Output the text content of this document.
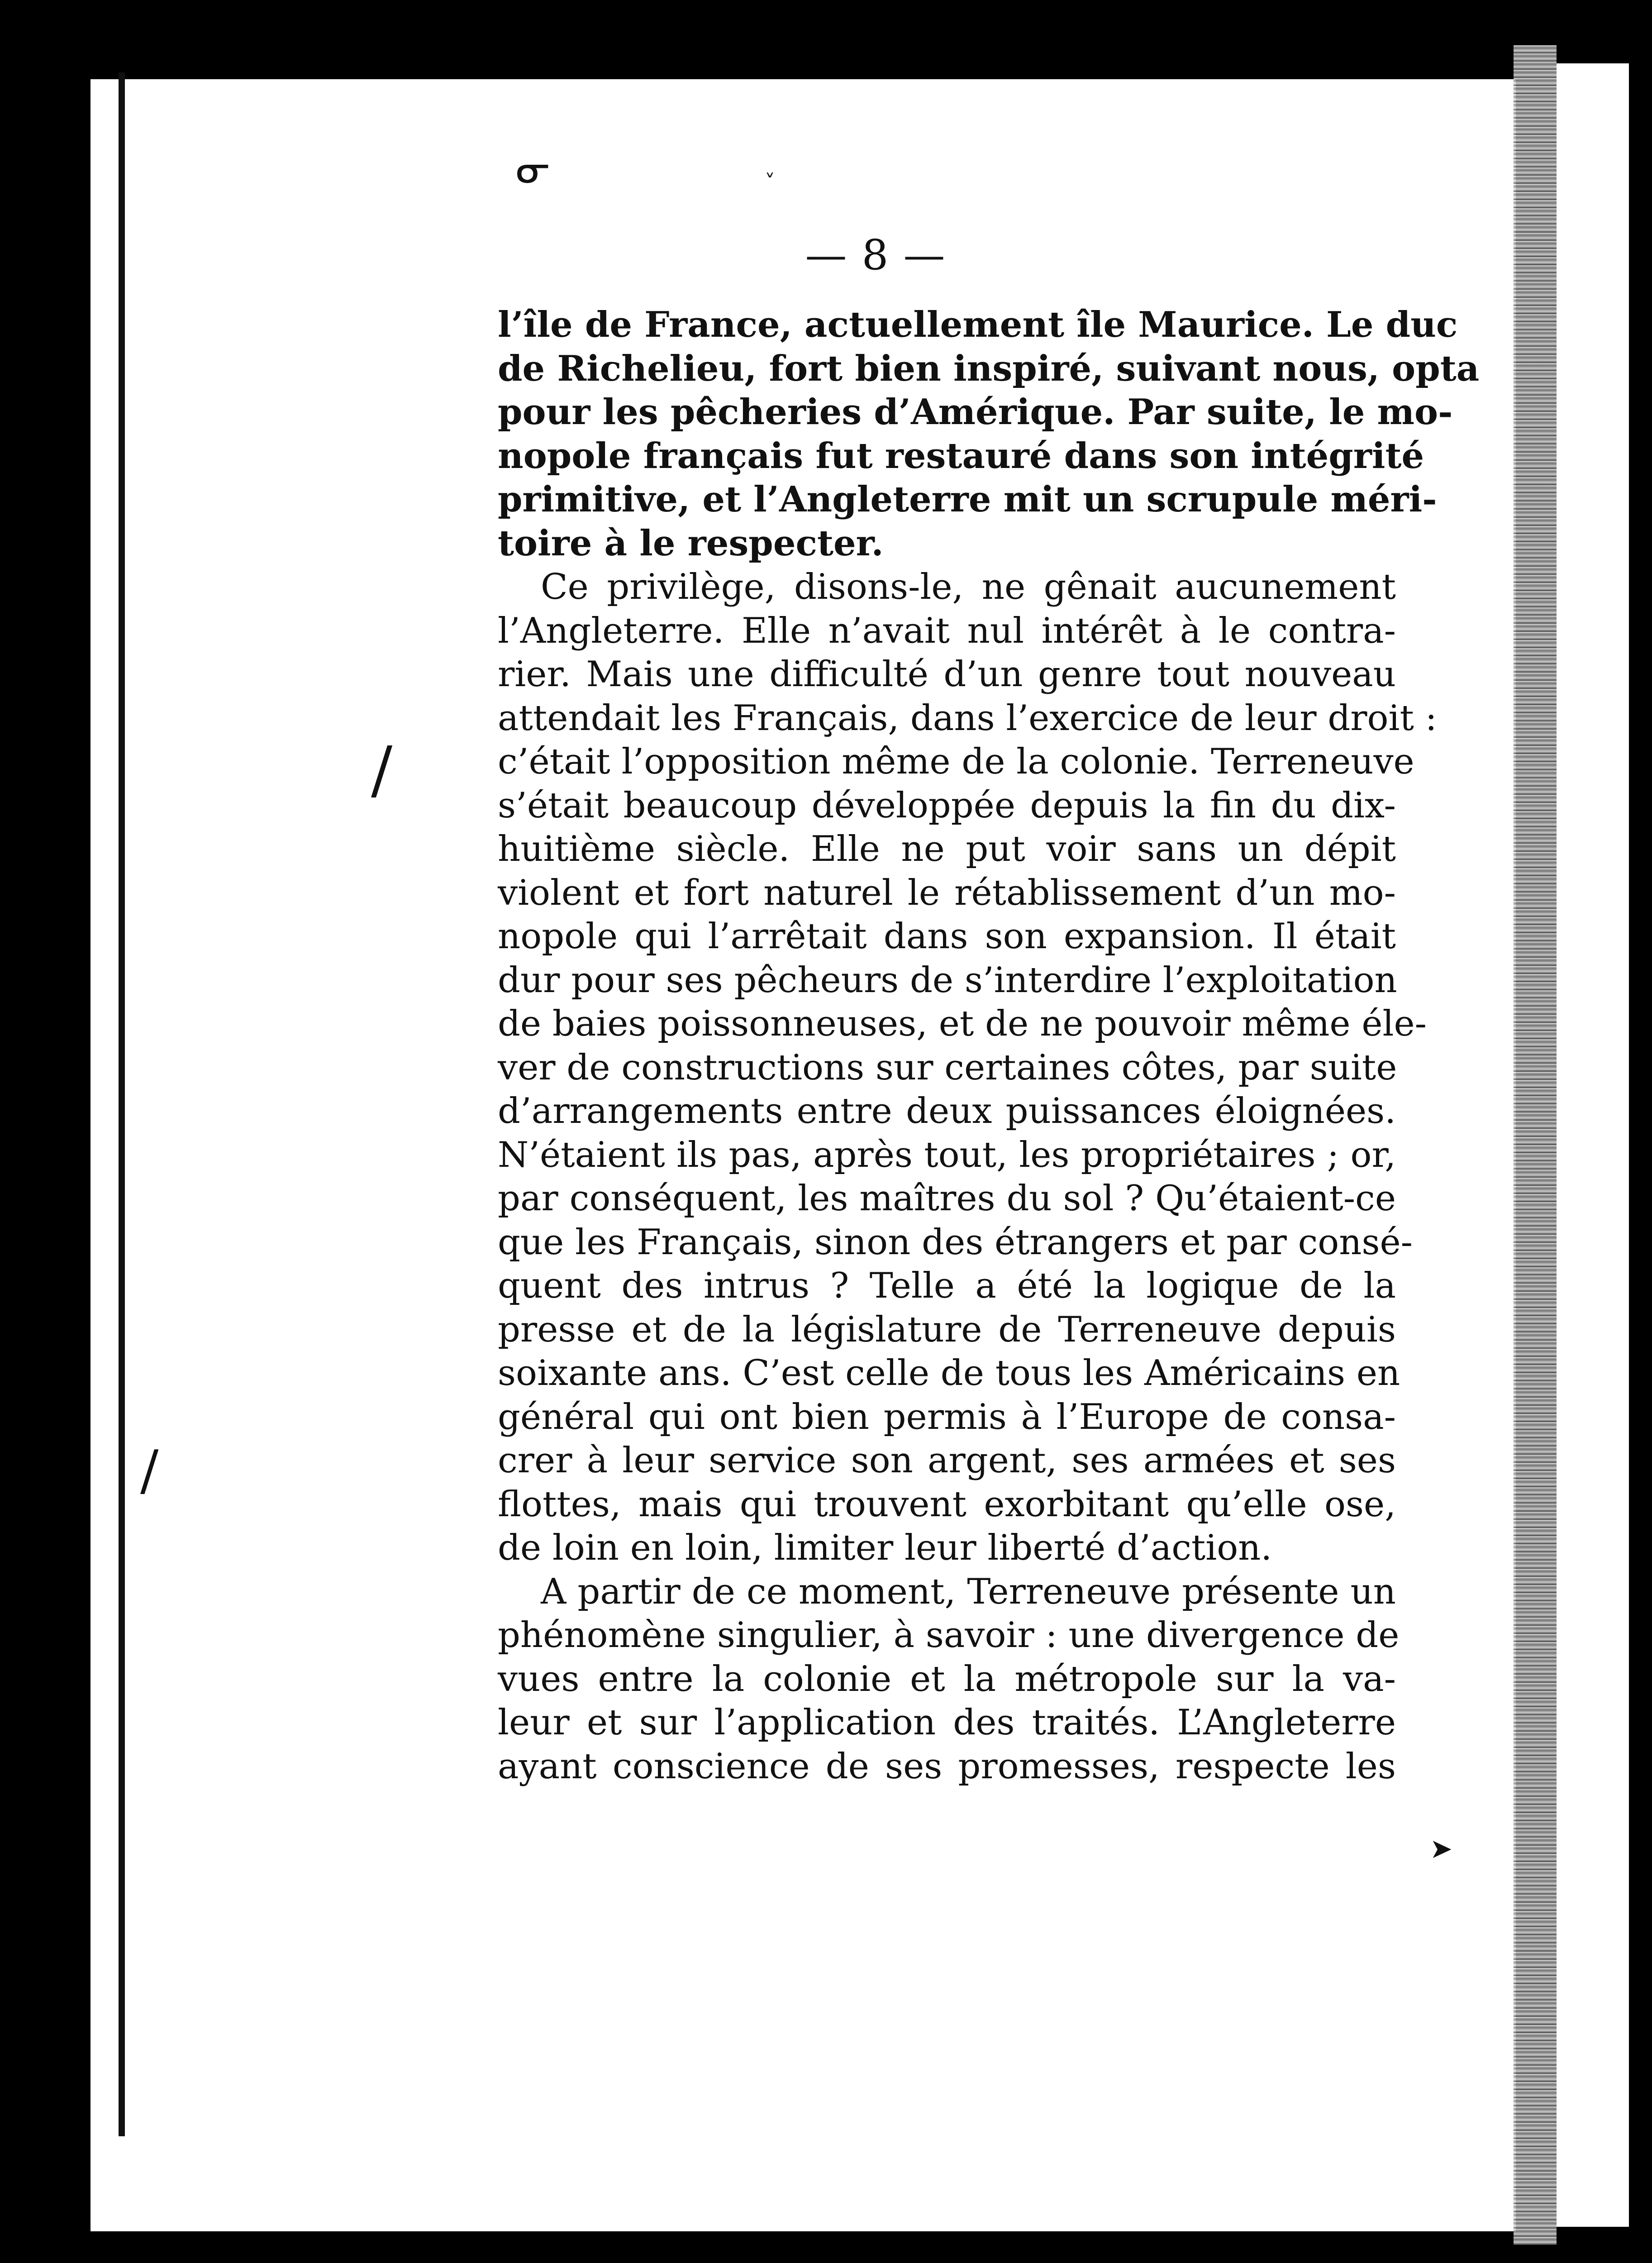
ᓂ	˅
/
/
➤
— 8 —
l’île de France, actuellement île Maurice. Le duc
de Richelieu, fort bien inspiré, suivant nous, opta
pour les pêcheries d’Amérique. Par suite, le mo-
nopole français fut restauré dans son intégrité
primitive, et l’Angleterre mit un scrupule méri-
toire à le respecter.
Ce privilège, disons-le, ne gênait aucunement
l’Angleterre. Elle n’avait nul intérêt à le contra-
rier. Mais une difficulté d’un genre tout nouveau
attendait les Français, dans l’exercice de leur droit :
c’était l’opposition même de la colonie. Terreneuve
s’était beaucoup développée depuis la fin du dix-
huitième siècle. Elle ne put voir sans un dépit
violent et fort naturel le rétablissement d’un mo-
nopole qui l’arrêtait dans son expansion. Il était
dur pour ses pêcheurs de s’interdire l’exploitation
de baies poissonneuses, et de ne pouvoir même éle-
ver de constructions sur certaines côtes, par suite
d’arrangements entre deux puissances éloignées.
N’étaient ils pas, après tout, les propriétaires ; or,
par conséquent, les maîtres du sol ? Qu’étaient-ce
que les Français, sinon des étrangers et par consé-
quent des intrus ? Telle a été la logique de la
presse et de la législature de Terreneuve depuis
soixante ans. C’est celle de tous les Américains en
général qui ont bien permis à l’Europe de consa-
crer à leur service son argent, ses armées et ses
flottes, mais qui trouvent exorbitant qu’elle ose,
de loin en loin, limiter leur liberté d’action.
A partir de ce moment, Terreneuve présente un
phénomène singulier, à savoir : une divergence de
vues entre la colonie et la métropole sur la va-
leur et sur l’application des traités. L’Angleterre
ayant conscience de ses promesses, respecte les
